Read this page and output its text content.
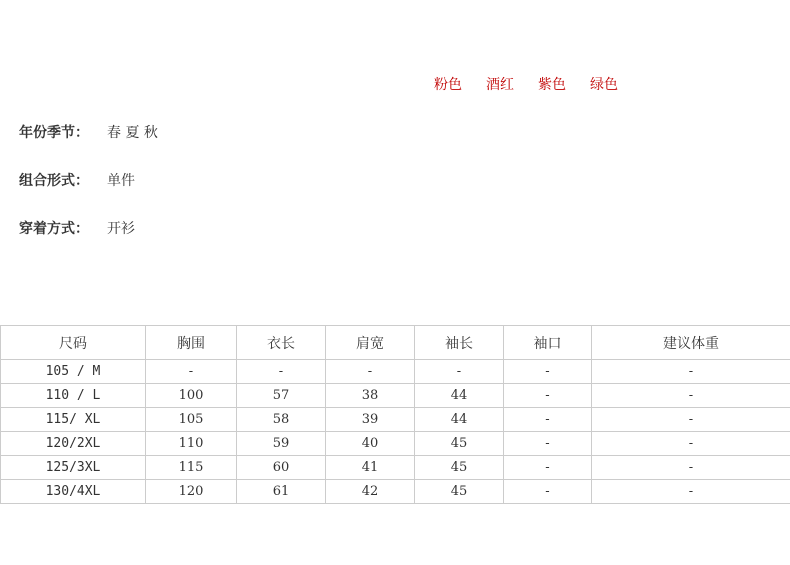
粉色 酒红 紫色 绿色
年份季节：	春 夏 秋
组合形式：	单件
穿着方式：	开衫
尺码	胸围	衣长	肩宽	袖长	袖口	建议体重
105 / M	-	-	-	-	-	-
110 / L	100	57	38	44	-	-
115/ XL	105	58	39	44	-	-
120/2XL	110	59	40	45	-	-
125/3XL	115	60	41	45	-	-
130/4XL	120	61	42	45	-	-
